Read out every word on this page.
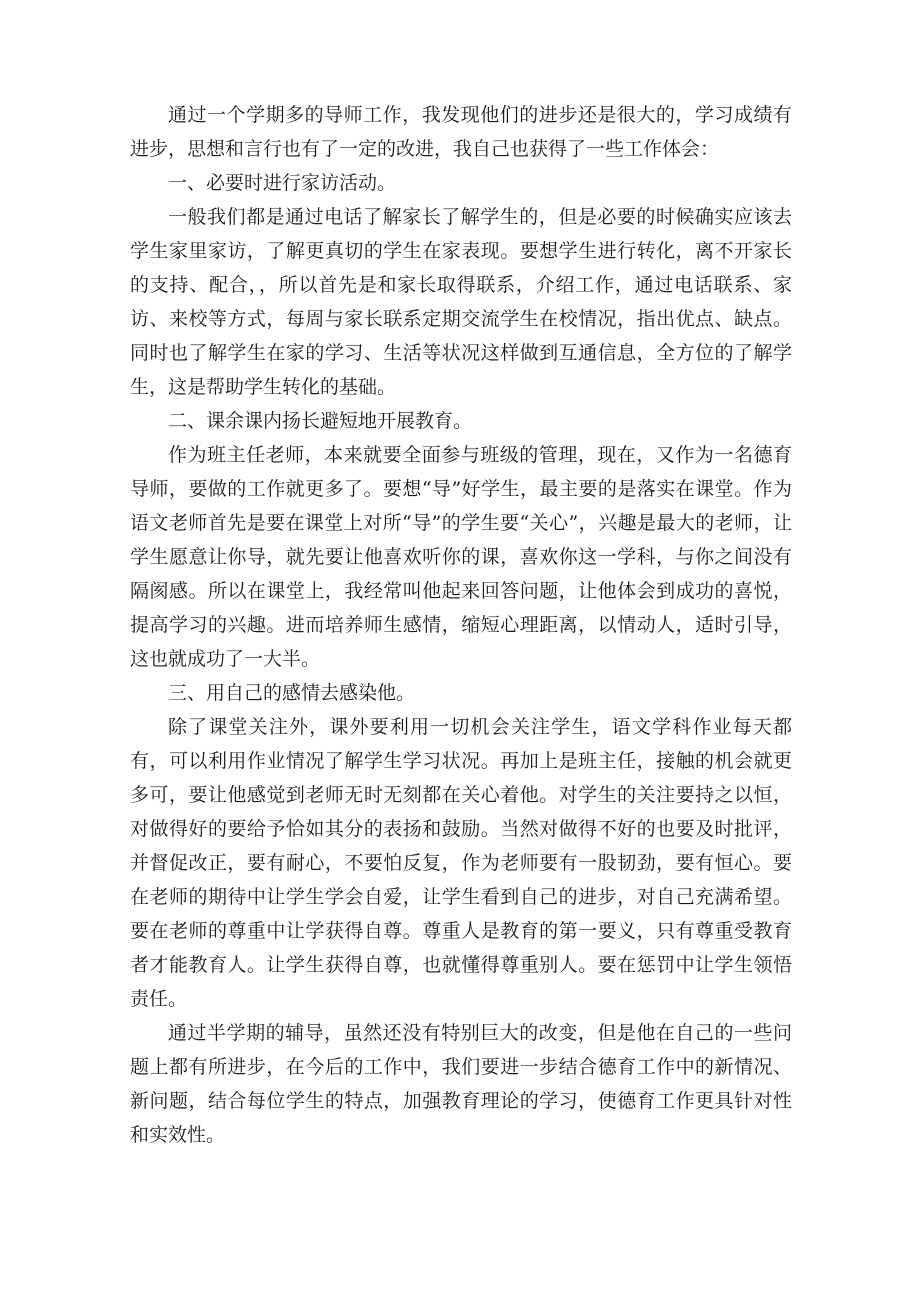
通过一个学期多的导师工作，我发现他们的进步还是很大的，学习成绩有进步，思想和言行也有了一定的改进，我自己也获得了一些工作体会：

一、必要时进行家访活动。

一般我们都是通过电话了解家长了解学生的，但是必要的时候确实应该去学生家里家访，了解更真切的学生在家表现。要想学生进行转化，离不开家长的支持、配合，，所以首先是和家长取得联系，介绍工作，通过电话联系、家访、来校等方式，每周与家长联系定期交流学生在校情况，指出优点、缺点。同时也了解学生在家的学习、生活等状况这样做到互通信息，全方位的了解学生，这是帮助学生转化的基础。

二、课余课内扬长避短地开展教育。

作为班主任老师，本来就要全面参与班级的管理，现在，又作为一名德育导师，要做的工作就更多了。要想“导”好学生，最主要的是落实在课堂。作为语文老师首先是要在课堂上对所“导”的学生要“关心”，兴趣是最大的老师，让学生愿意让你导，就先要让他喜欢听你的课，喜欢你这一学科，与你之间没有隔阂感。所以在课堂上，我经常叫他起来回答问题，让他体会到成功的喜悦，提高学习的兴趣。进而培养师生感情，缩短心理距离，以情动人，适时引导，这也就成功了一大半。

三、用自己的感情去感染他。

除了课堂关注外，课外要利用一切机会关注学生，语文学科作业每天都有，可以利用作业情况了解学生学习状况。再加上是班主任，接触的机会就更多可，要让他感觉到老师无时无刻都在关心着他。对学生的关注要持之以恒，对做得好的要给予恰如其分的表扬和鼓励。当然对做得不好的也要及时批评，并督促改正，要有耐心，不要怕反复，作为老师要有一股韧劲，要有恒心。要在老师的期待中让学生学会自爱，让学生看到自己的进步，对自己充满希望。要在老师的尊重中让学获得自尊。尊重人是教育的第一要义，只有尊重受教育者才能教育人。让学生获得自尊，也就懂得尊重别人。要在惩罚中让学生领悟责任。

通过半学期的辅导，虽然还没有特别巨大的改变，但是他在自己的一些问题上都有所进步，在今后的工作中，我们要进一步结合德育工作中的新情况、新问题，结合每位学生的特点，加强教育理论的学习，使德育工作更具针对性和实效性。
